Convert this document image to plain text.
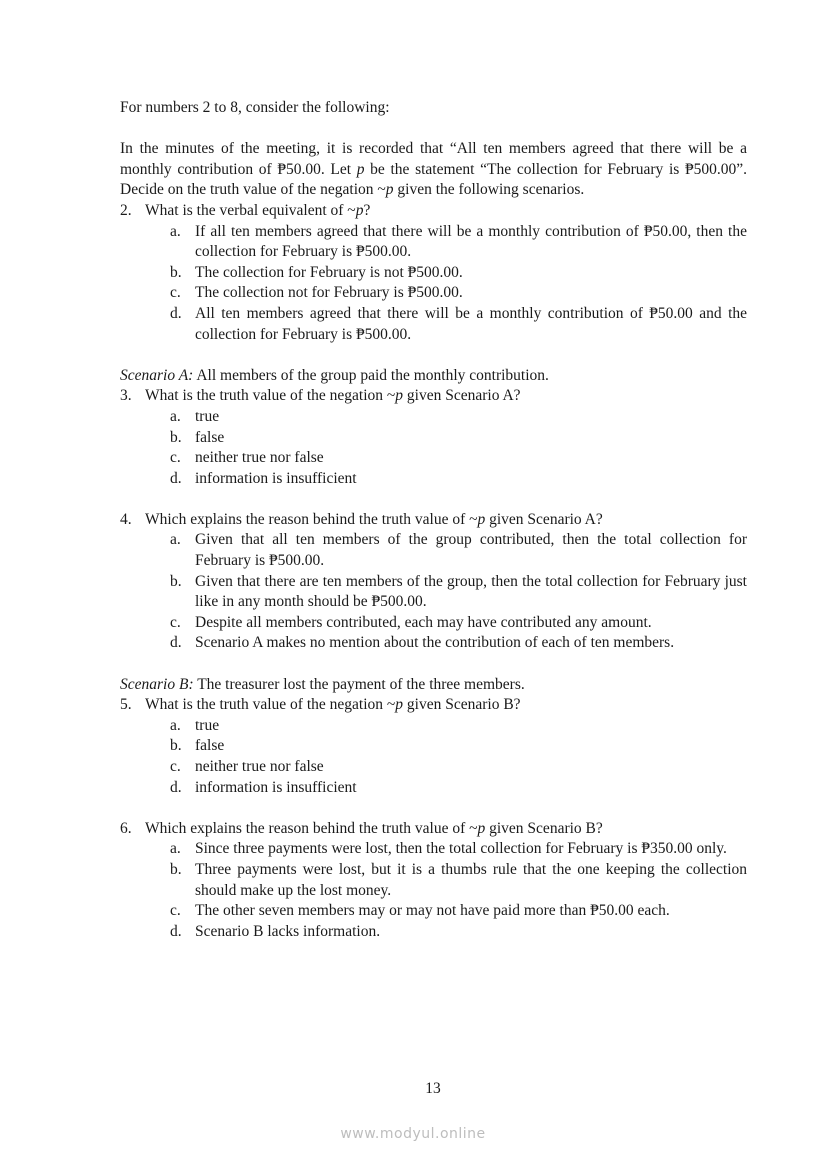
For numbers 2 to 8, consider the following:

In the minutes of the meeting, it is recorded that “All ten members agreed that there will be a monthly contribution of ₱50.00. Let p be the statement “The collection for February is ₱500.00”. Decide on the truth value of the negation ~p given the following scenarios.

2. What is the verbal equivalent of ~p?
a. If all ten members agreed that there will be a monthly contribution of ₱50.00, then the collection for February is ₱500.00.
b. The collection for February is not ₱500.00.
c. The collection not for February is ₱500.00.
d. All ten members agreed that there will be a monthly contribution of ₱50.00 and the collection for February is ₱500.00.

Scenario A: All members of the group paid the monthly contribution.

3. What is the truth value of the negation ~p given Scenario A?
a. true
b. false
c. neither true nor false
d. information is insufficient
4. Which explains the reason behind the truth value of ~p given Scenario A?
a. Given that all ten members of the group contributed, then the total collection for February is ₱500.00.
b. Given that there are ten members of the group, then the total collection for February just like in any month should be ₱500.00.
c. Despite all members contributed, each may have contributed any amount.
d. Scenario A makes no mention about the contribution of each of ten members.

Scenario B: The treasurer lost the payment of the three members.

5. What is the truth value of the negation ~p given Scenario B?
a. true
b. false
c. neither true nor false
d. information is insufficient
6. Which explains the reason behind the truth value of ~p given Scenario B?
a. Since three payments were lost, then the total collection for February is ₱350.00 only.
b. Three payments were lost, but it is a thumbs rule that the one keeping the collection should make up the lost money.
c. The other seven members may or may not have paid more than ₱50.00 each.
d. Scenario B lacks information.
13
www.modyul.online
